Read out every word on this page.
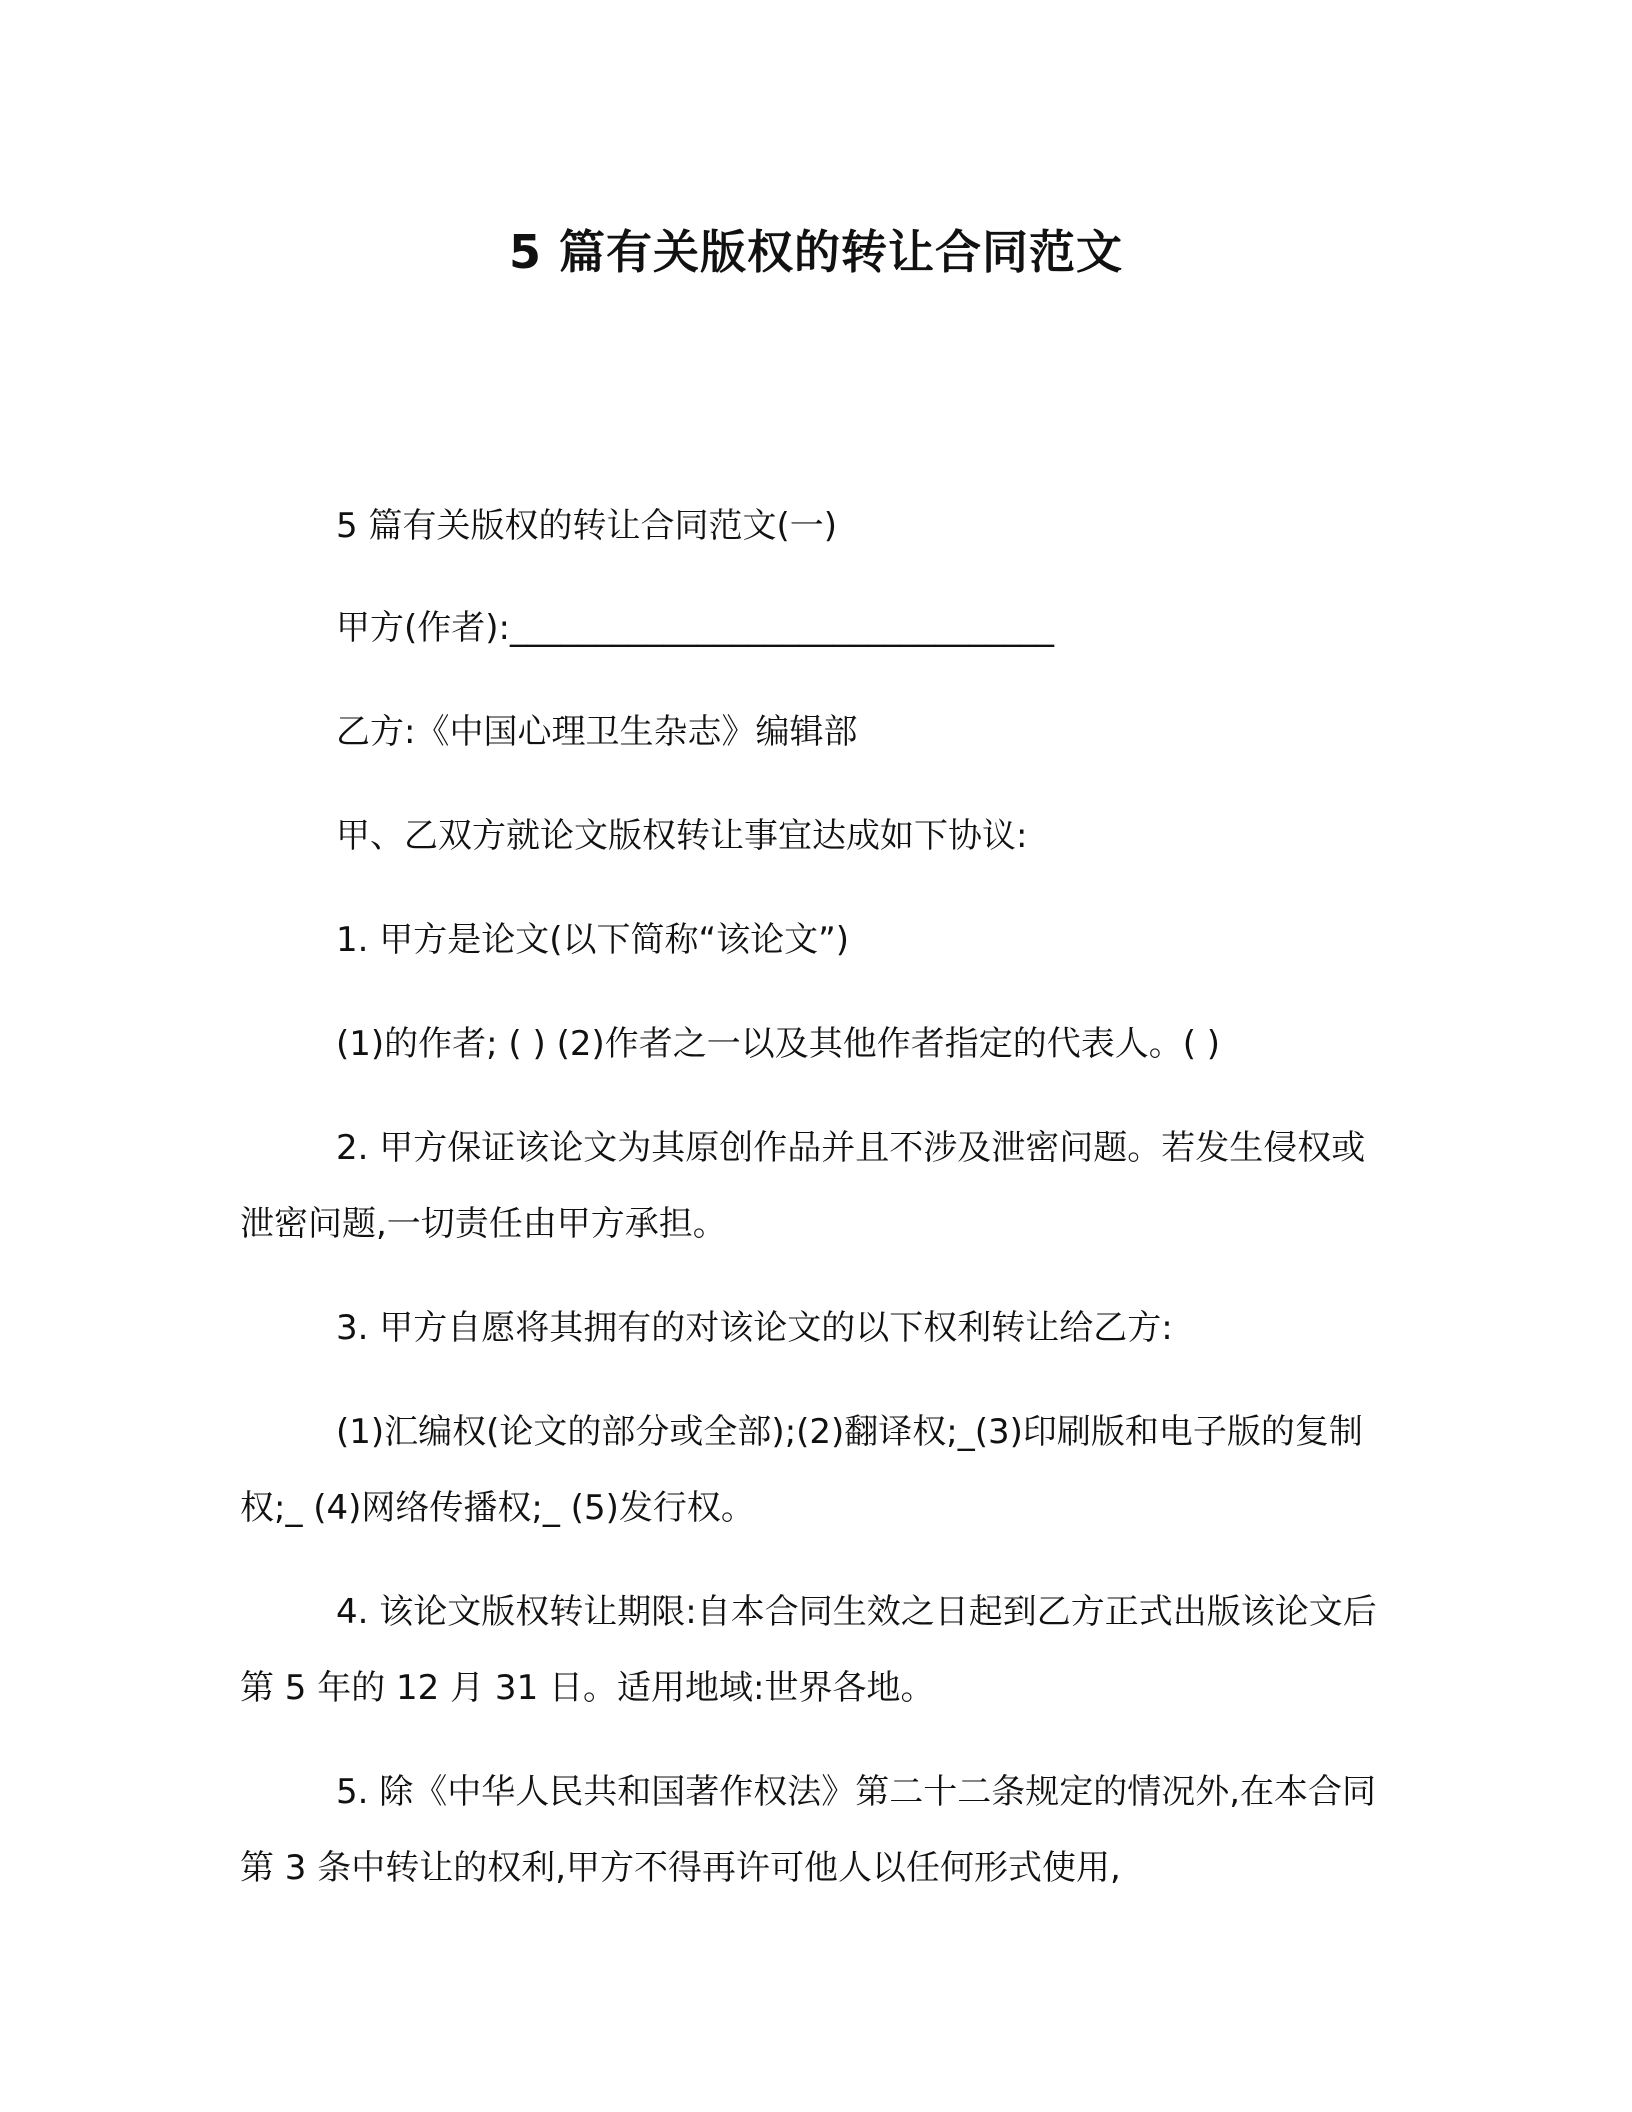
5 篇有关版权的转让合同范文

5 篇有关版权的转让合同范文(一)

甲方(作者):________________________________

乙方:《中国心理卫生杂志》编辑部

甲、乙双方就论文版权转让事宜达成如下协议:

1. 甲方是论文(以下简称“该论文”)

(1)的作者; ( ) (2)作者之一以及其他作者指定的代表人。( )

2. 甲方保证该论文为其原创作品并且不涉及泄密问题。若发生侵权或泄密问题,一切责任由甲方承担。

3. 甲方自愿将其拥有的对该论文的以下权利转让给乙方:

(1)汇编权(论文的部分或全部);(2)翻译权;_(3)印刷版和电子版的复制权;_ (4)网络传播权;_ (5)发行权。

4. 该论文版权转让期限:自本合同生效之日起到乙方正式出版该论文后第 5 年的 12 月 31 日。适用地域:世界各地。

5. 除《中华人民共和国著作权法》第二十二条规定的情况外,在本合同第 3 条中转让的权利,甲方不得再许可他人以任何形式使用,
